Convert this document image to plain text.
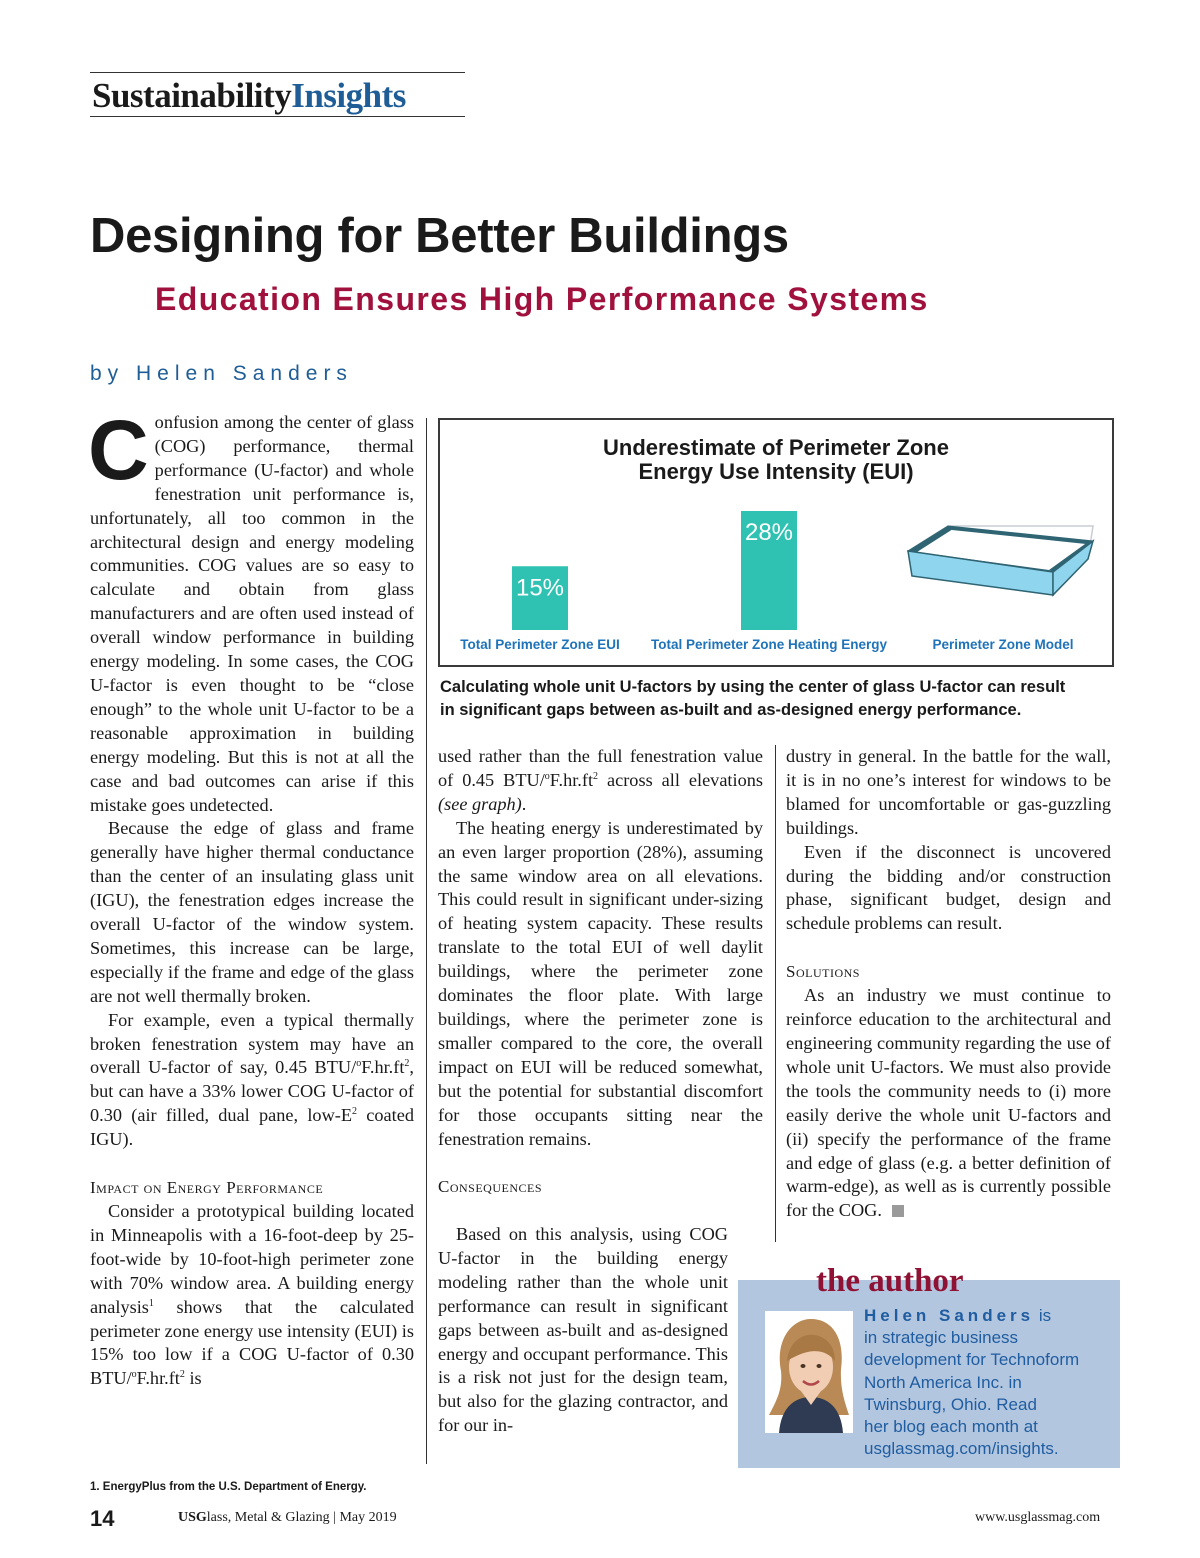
SustainabilityInsights
Designing for Better Buildings
Education Ensures High Performance Systems
by Helen Sanders
C onfusion among the center of glass (COG) performance, thermal performance (U-factor) and whole fenestration unit performance is, unfortunately, all too common in the architectural design and energy modeling communities. COG values are so easy to calculate and obtain from glass manufacturers and are often used instead of overall window performance in building energy modeling. In some cases, the COG U-factor is even thought to be “close enough” to the whole unit U-factor to be a reasonable approximation in building energy modeling. But this is not at all the case and bad outcomes can arise if this mistake goes undetected.

Because the edge of glass and frame generally have higher thermal conductance than the center of an insulating glass unit (IGU), the fenestration edges increase the overall U-factor of the window system. Sometimes, this increase can be large, especially if the frame and edge of the glass are not well thermally broken.

For example, even a typical thermally broken fenestration system may have an overall U-factor of say, 0.45 BTU/$^oF.hr.ft^2$, but can have a 33% lower COG U-factor of 0.30 (air filled, dual pane, low-$E^2$ coated IGU).

Impact on Energy Performance

Consider a prototypical building located in Minneapolis with a 16-foot-deep by 25-foot-wide by 10-foot-high perimeter zone with 70% window area. A building energy analysis$^1$ shows that the calculated perimeter zone energy use intensity (EUI) is 15% too low if a COG U-factor of 0.30 BTU/$^oF.hr.ft^2$ is

Underestimate of Perimeter Zone
Energy Use Intensity (EUI)
15%
28%
Total Perimeter Zone EUI Total Perimeter Zone Heating Energy	Perimeter Zone Model
Calculating whole unit U-factors by using the center of glass U-factor can result
in significant gaps between as-built and as-designed energy performance.

used rather than the full fenestration value of 0.45 BTU/$^oF.hr.ft^2$ across all elevations (see graph).

The heating energy is underestimated by an even larger proportion (28%), assuming the same window area on all elevations. This could result in significant under-sizing of heating system capacity. These results translate to the total EUI of well daylit buildings, where the perimeter zone dominates the floor plate. With large buildings, where the perimeter zone is smaller compared to the core, the overall impact on EUI will be reduced somewhat, but the potential for substantial discomfort for those occupants sitting near the fenestration remains.

Consequences

Based on this analysis, using COG U-factor in the building energy modeling rather than the whole unit performance can result in significant gaps between as-built and as-designed energy and occupant performance. This is a risk not just for the design team, but also for the glazing contractor, and for our in-

dustry in general. In the battle for the wall, it is in no one’s interest for windows to be blamed for uncomfortable or gas-guzzling buildings.

Even if the disconnect is uncovered during the bidding and/or construction phase, significant budget, design and schedule problems can result.

Solutions

As an industry we must continue to reinforce education to the architectural and engineering community regarding the use of whole unit U-factors. We must also provide the tools the community needs to (i) more easily derive the whole unit U-factors and (ii) specify the performance of the frame and edge of glass (e.g. a better definition of warm-edge), as well as is currently possible for the COG.

the author
Helen Sanders is
in strategic business
development for Technoform
North America Inc. in
Twinsburg, Ohio. Read
her blog each month at
usglassmag.com/insights.
1. EnergyPlus from the U.S. Department of Energy.
14	USGlass, Metal & Glazing | May 2019	www.usglassmag.com
